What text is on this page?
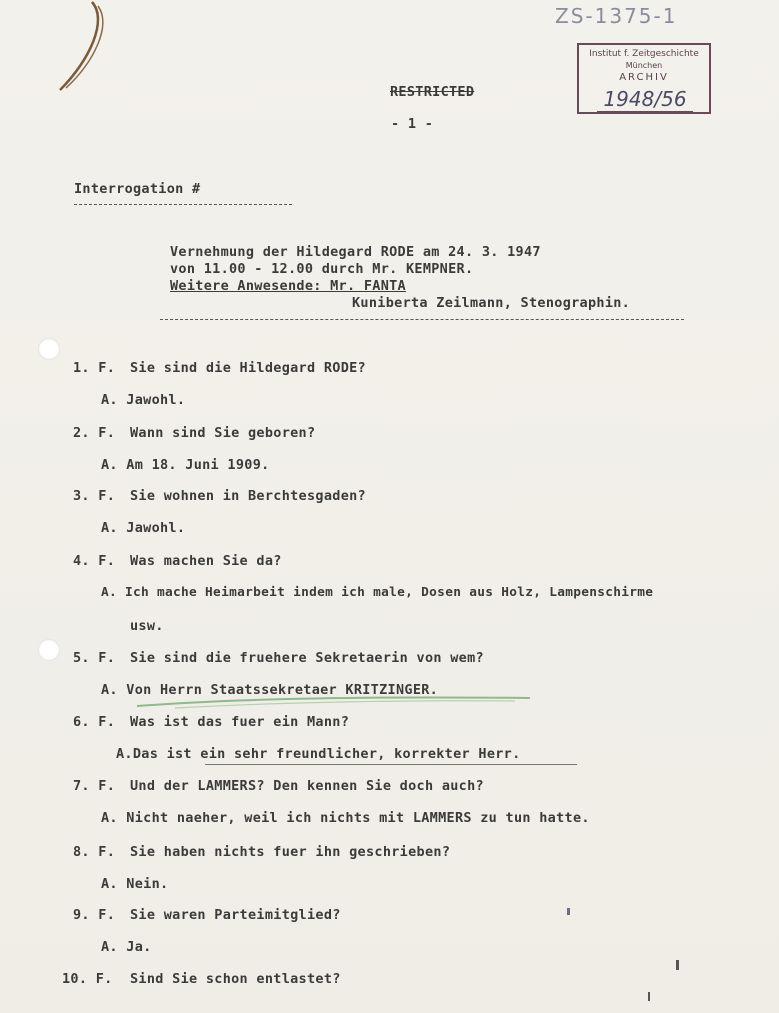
ZS-1375-1
Institut f. Zeitgeschichte
München
ARCHIV
1948/56
RESTRICTED
- 1 -
Interrogation #
Vernehmung der Hildegard RODE am 24. 3. 1947
von 11.00 - 12.00 durch Mr. KEMPNER.
Weitere Anwesende: Mr. FANTA
Kuniberta Zeilmann, Stenographin.
1. F. Sie sind die Hildegard RODE?
A. Jawohl.
2. F. Wann sind Sie geboren?
A. Am 18. Juni 1909.
3. F. Sie wohnen in Berchtesgaden?
A. Jawohl.
4. F. Was machen Sie da?
A. Ich mache Heimarbeit indem ich male, Dosen aus Holz, Lampenschirme
usw.
5. F. Sie sind die fruehere Sekretaerin von wem?
A. Von Herrn Staatssekretaer KRITZINGER.
6. F. Was ist das fuer ein Mann?
A.Das ist ein sehr freundlicher, korrekter Herr.
7. F. Und der LAMMERS? Den kennen Sie doch auch?
A. Nicht naeher, weil ich nichts mit LAMMERS zu tun hatte.
8. F. Sie haben nichts fuer ihn geschrieben?
A. Nein.
9. F. Sie waren Parteimitglied?
A. Ja.
10. F. Sind Sie schon entlastet?
